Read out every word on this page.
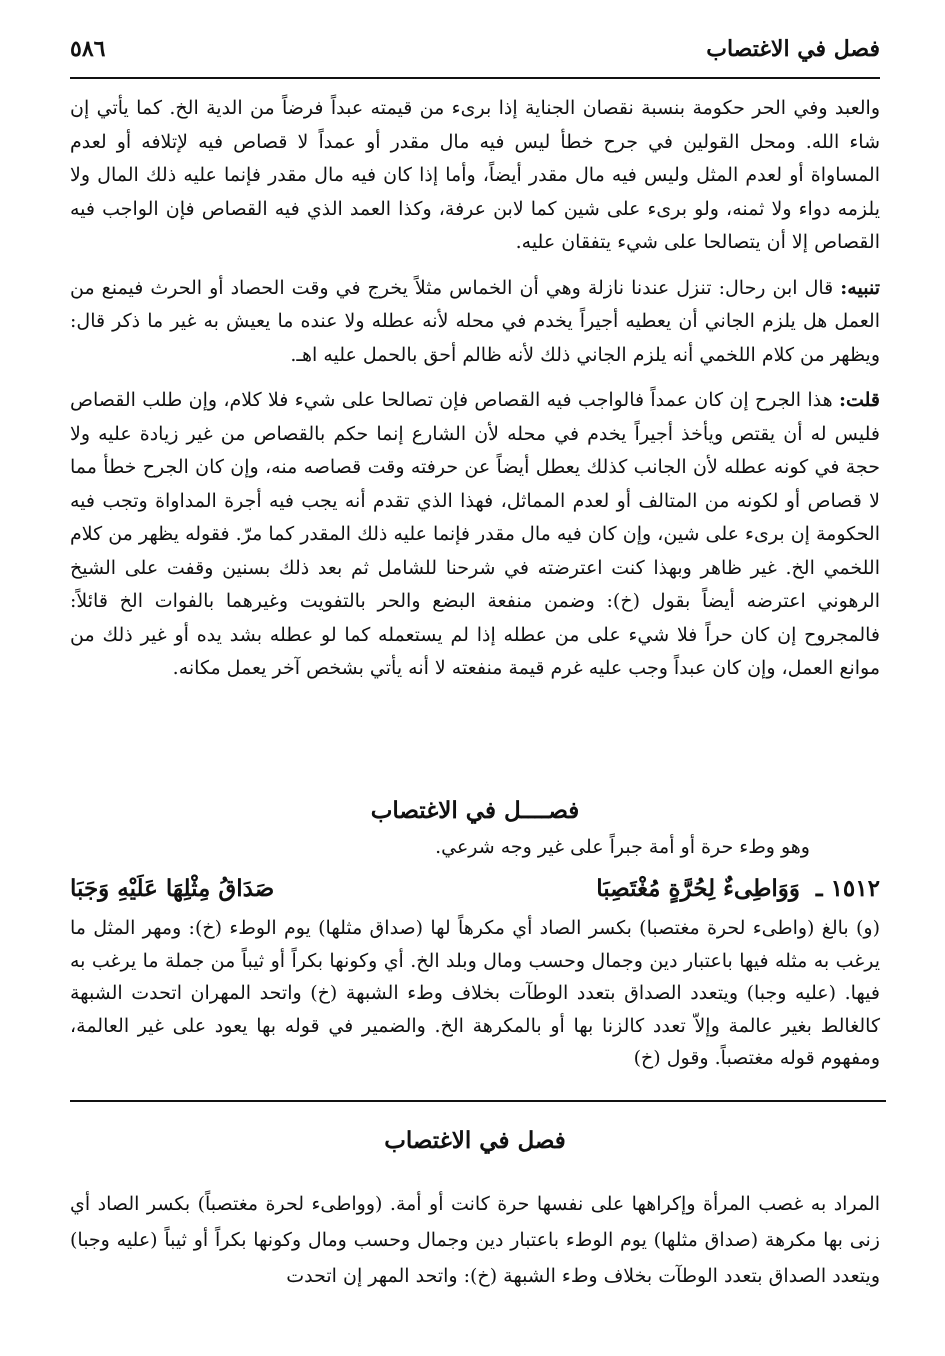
٥٨٦	فصل في الاغتصاب

والعبد وفي الحر حكومة بنسبة نقصان الجناية إذا برىء من قيمته عبداً فرضاً من الدية الخ. كما يأتي إن شاء الله. ومحل القولين في جرح خطأ ليس فيه مال مقدر أو عمداً لا قصاص فيه لإتلافه أو لعدم المساواة أو لعدم المثل وليس فيه مال مقدر أيضاً، وأما إذا كان فيه مال مقدر فإنما عليه ذلك المال ولا يلزمه دواء ولا ثمنه، ولو برىء على شين كما لابن عرفة، وكذا العمد الذي فيه القصاص فإن الواجب فيه القصاص إلا أن يتصالحا على شيء يتفقان عليه.

تنبيه: قال ابن رحال: تنزل عندنا نازلة وهي أن الخماس مثلاً يخرج في وقت الحصاد أو الحرث فيمنع من العمل هل يلزم الجاني أن يعطيه أجيراً يخدم في محله لأنه عطله ولا عنده ما يعيش به غير ما ذكر قال: ويظهر من كلام اللخمي أنه يلزم الجاني ذلك لأنه ظالم أحق بالحمل عليه اهـ.

قلت: هذا الجرح إن كان عمداً فالواجب فيه القصاص فإن تصالحا على شيء فلا كلام، وإن طلب القصاص فليس له أن يقتص ويأخذ أجيراً يخدم في محله لأن الشارع إنما حكم بالقصاص من غير زيادة عليه ولا حجة في كونه عطله لأن الجانب كذلك يعطل أيضاً عن حرفته وقت قصاصه منه، وإن كان الجرح خطأ مما لا قصاص أو لكونه من المتالف أو لعدم المماثل، فهذا الذي تقدم أنه يجب فيه أجرة المداواة وتجب فيه الحكومة إن برىء على شين، وإن كان فيه مال مقدر فإنما عليه ذلك المقدر كما مرّ. فقوله يظهر من كلام اللخمي الخ. غير ظاهر وبهذا كنت اعترضته في شرحنا للشامل ثم بعد ذلك بسنين وقفت على الشيخ الرهوني اعترضه أيضاً بقول (خ): وضمن منفعة البضع والحر بالتفويت وغيرهما بالفوات الخ قائلاً: فالمجروح إن كان حراً فلا شيء على من عطله إذا لم يستعمله كما لو عطله بشد يده أو غير ذلك من موانع العمل، وإن كان عبداً وجب عليه غرم قيمة منفعته لا أنه يأتي بشخص آخر يعمل مكانه.

فصــــل في الاغتصاب
وهو وطء حرة أو أمة جبراً على غير وجه شرعي.
١٥١٢ ـ
وَوَاطِىءٌ لِحُرَّةٍ مُغْتَصِبَا
صَدَاقُ مِثْلِهَا عَلَيْهِ وَجَبَا

(و) بالغ (واطىء لحرة مغتصبا) بكسر الصاد أي مكرهاً لها (صداق مثلها) يوم الوطء (خ): ومهر المثل ما يرغب به مثله فيها باعتبار دين وجمال وحسب ومال وبلد الخ. أي وكونها بكراً أو ثيباً من جملة ما يرغب به فيها. (عليه وجبا) ويتعدد الصداق بتعدد الوطآت بخلاف وطء الشبهة (خ) واتحد المهران اتحدت الشبهة كالغالط بغير عالمة وإلاّ تعدد كالزنا بها أو بالمكرهة الخ. والضمير في قوله بها يعود على غير العالمة، ومفهوم قوله مغتصباً. وقول (خ)

فصل في الاغتصاب

المراد به غصب المرأة وإكراهها على نفسها حرة كانت أو أمة. (وواطىء لحرة مغتصباً) بكسر الصاد أي زنى بها مكرهة (صداق مثلها) يوم الوطء باعتبار دين وجمال وحسب ومال وكونها بكراً أو ثيباً (عليه وجبا) ويتعدد الصداق بتعدد الوطآت بخلاف وطء الشبهة (خ): واتحد المهر إن اتحدت
